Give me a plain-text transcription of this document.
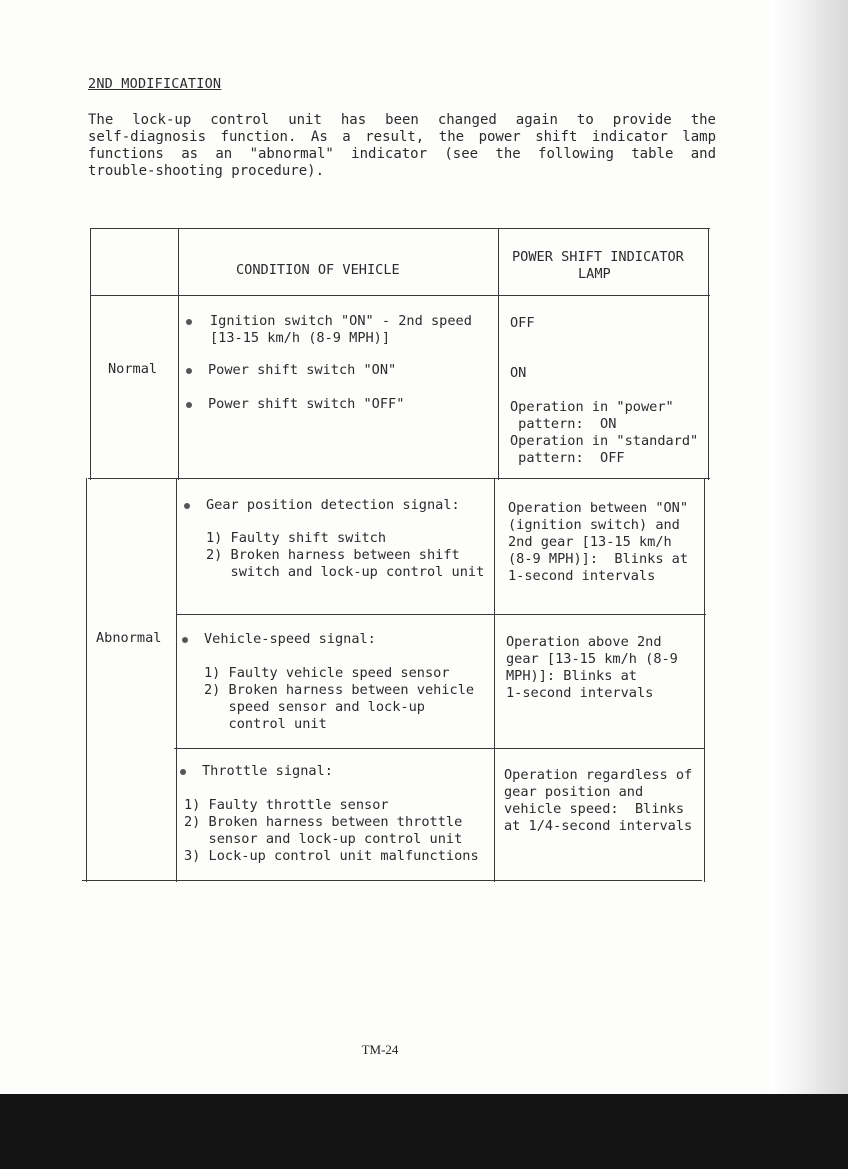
2ND MODIFICATION
The lock-up control unit has been changed again to provide the
self-diagnosis function. As a result, the power shift indicator lamp
functions as an "abnormal" indicator (see the following table and
trouble-shooting procedure).
CONDITION OF VEHICLE
POWER SHIFT INDICATOR
LAMP
Normal
Ignition switch "ON" - 2nd speed
[13-15 km/h (8-9 MPH)]
OFF
Power shift switch "ON"	ON
Power shift switch "OFF"	Operation in "power"
pattern:  ON
Operation in "standard"
pattern:  OFF
Abnormal
Gear position detection signal:
1) Faulty shift switch
2) Broken harness between shift
switch and lock-up control unit
Operation between "ON"
(ignition switch) and
2nd gear [13-15 km/h
(8-9 MPH)]:  Blinks at
1-second intervals
Vehicle-speed signal:
1) Faulty vehicle speed sensor
2) Broken harness between vehicle
speed sensor and lock-up
control unit
Operation above 2nd
gear [13-15 km/h (8-9
MPH)]: Blinks at
1-second intervals
Throttle signal:
1) Faulty throttle sensor
2) Broken harness between throttle
sensor and lock-up control unit
3) Lock-up control unit malfunctions
Operation regardless of
gear position and
vehicle speed:  Blinks
at 1/4-second intervals
TM-24
